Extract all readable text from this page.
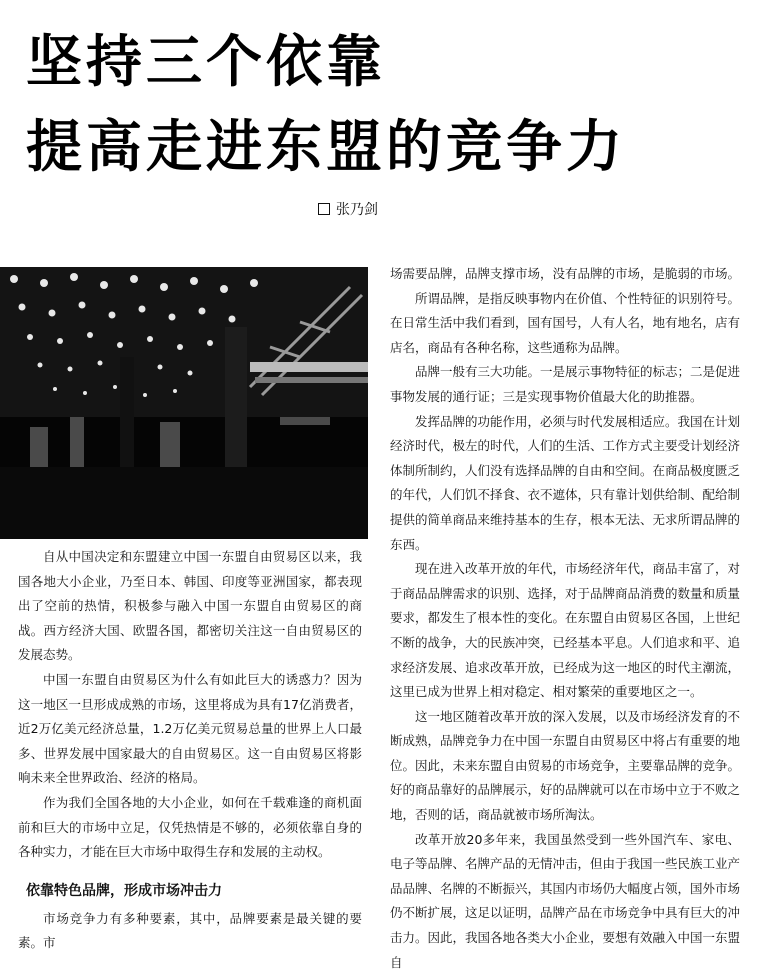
坚持三个依靠
提高走进东盟的竞争力
张乃剑

自从中国决定和东盟建立中国一东盟自由贸易区以来，我国各地大小企业，乃至日本、韩国、印度等亚洲国家，都表现出了空前的热情，积极参与融入中国一东盟自由贸易区的商战。西方经济大国、欧盟各国，都密切关注这一自由贸易区的发展态势。

中国一东盟自由贸易区为什么有如此巨大的诱惑力？因为这一地区一旦形成成熟的市场，这里将成为具有17亿消费者，近2万亿美元经济总量，1.2万亿美元贸易总量的世界上人口最多、世界发展中国家最大的自由贸易区。这一自由贸易区将影响未来全世界政治、经济的格局。

作为我们全国各地的大小企业，如何在千载难逢的商机面前和巨大的市场中立足，仅凭热情是不够的，必须依靠自身的各种实力，才能在巨大市场中取得生存和发展的主动权。

依靠特色品牌，形成市场冲击力

市场竞争力有多种要素，其中，品牌要素是最关键的要素。市

场需要品牌，品牌支撑市场，没有品牌的市场，是脆弱的市场。

所谓品牌，是指反映事物内在价值、个性特征的识别符号。在日常生活中我们看到，国有国号，人有人名，地有地名，店有店名，商品有各种名称，这些通称为品牌。

品牌一般有三大功能。一是展示事物特征的标志；二是促进事物发展的通行证；三是实现事物价值最大化的助推器。

发挥品牌的功能作用，必须与时代发展相适应。我国在计划经济时代，极左的时代，人们的生活、工作方式主要受计划经济体制所制约，人们没有选择品牌的自由和空间。在商品极度匮乏的年代，人们饥不择食、衣不遮体，只有靠计划供给制、配给制提供的简单商品来维持基本的生存，根本无法、无求所谓品牌的东西。

现在进入改革开放的年代，市场经济年代，商品丰富了，对于商品品牌需求的识别、选择，对于品牌商品消费的数量和质量要求，都发生了根本性的变化。在东盟自由贸易区各国，上世纪不断的战争，大的民族冲突，已经基本平息。人们追求和平、追求经济发展、追求改革开放，已经成为这一地区的时代主潮流，这里已成为世界上相对稳定、相对繁荣的重要地区之一。

这一地区随着改革开放的深入发展，以及市场经济发育的不断成熟，品牌竞争力在中国一东盟自由贸易区中将占有重要的地位。因此，未来东盟自由贸易的市场竞争，主要靠品牌的竞争。好的商品靠好的品牌展示，好的品牌就可以在市场中立于不败之地，否则的话，商品就被市场所淘汰。

改革开放20多年来，我国虽然受到一些外国汽车、家电、电子等品牌、名牌产品的无情冲击，但由于我国一些民族工业产品品牌、名牌的不断振兴，其国内市场仍大幅度占领，国外市场仍不断扩展，这足以证明，品牌产品在市场竞争中具有巨大的冲击力。因此，我国各地各类大小企业，要想有效融入中国一东盟自
